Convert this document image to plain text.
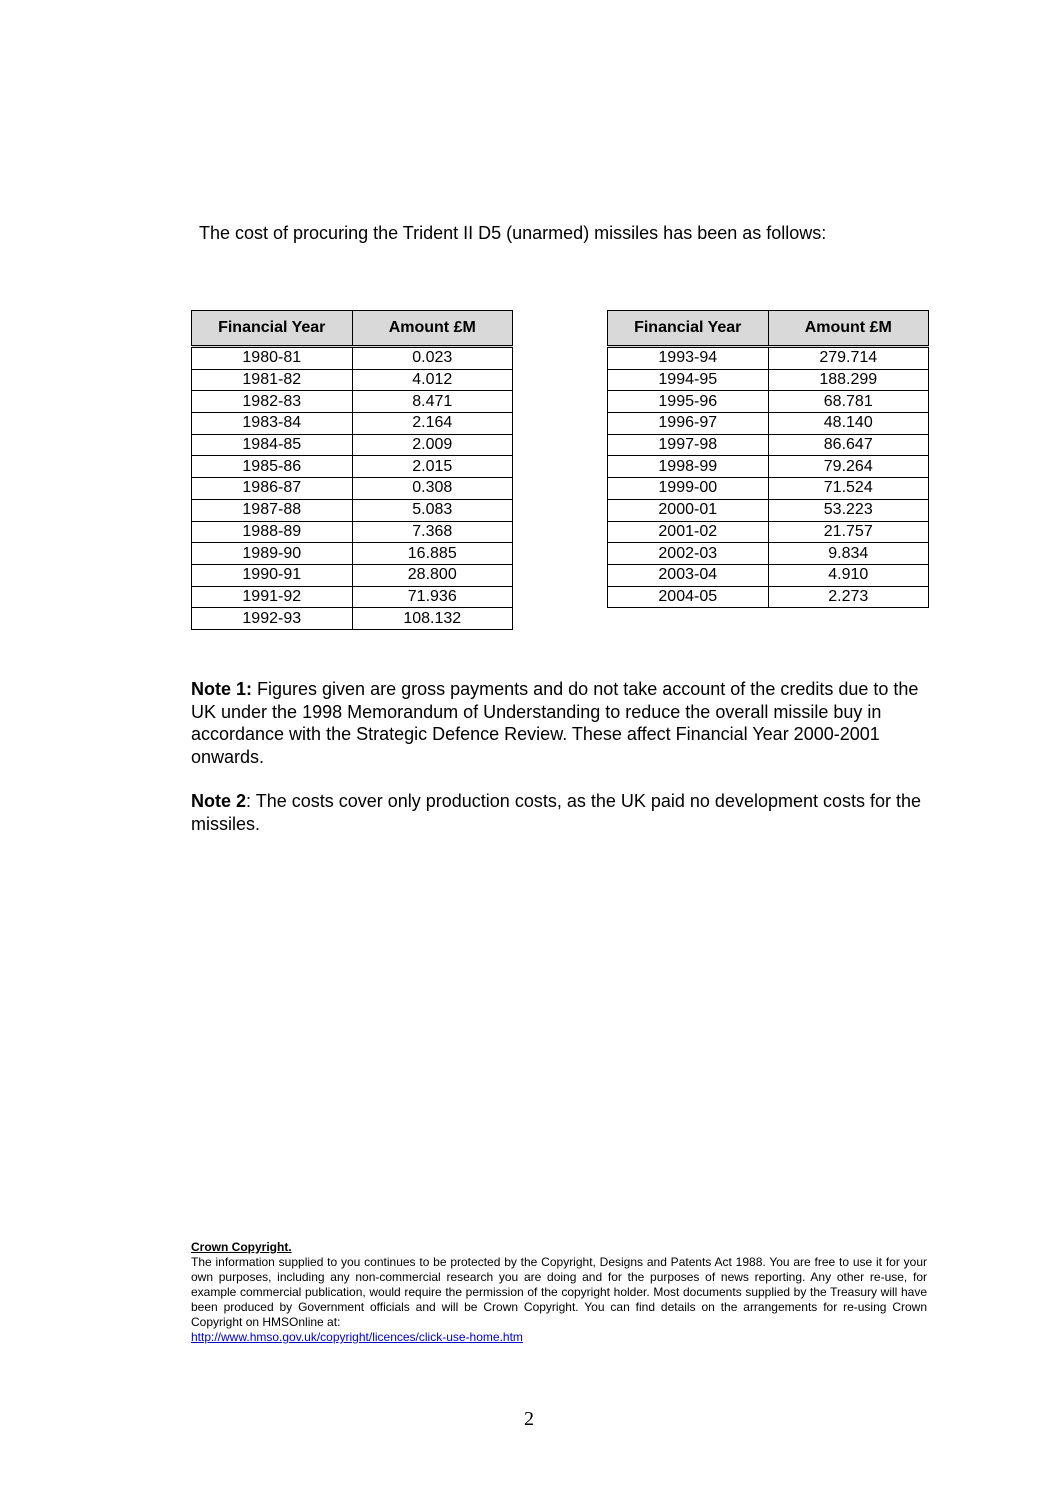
The cost of procuring the Trident II D5 (unarmed) missiles has been as follows:
Financial Year	Amount £M
1980-81	0.023
1981-82	4.012
1982-83	8.471
1983-84	2.164
1984-85	2.009
1985-86	2.015
1986-87	0.308
1987-88	5.083
1988-89	7.368
1989-90	16.885
1990-91	28.800
1991-92	71.936
1992-93	108.132
Financial Year	Amount £M
1993-94	279.714
1994-95	188.299
1995-96	68.781
1996-97	48.140
1997-98	86.647
1998-99	79.264
1999-00	71.524
2000-01	53.223
2001-02	21.757
2002-03	9.834
2003-04	4.910
2004-05	2.273

Note 1: Figures given are gross payments and do not take account of the credits due to the UK under the 1998 Memorandum of Understanding to reduce the overall missile buy in accordance with the Strategic Defence Review. These affect Financial Year 2000-2001 onwards.

Note 2: The costs cover only production costs, as the UK paid no development costs for the missiles.

Crown Copyright.
The information supplied to you continues to be protected by the Copyright, Designs and Patents Act 1988. You are free to use it for your own purposes, including any non-commercial research you are doing and for the purposes of news reporting. Any other re-use, for example commercial publication, would require the permission of the copyright holder. Most documents supplied by the Treasury will have been produced by Government officials and will be Crown Copyright. You can find details on the arrangements for re-using Crown Copyright on HMSOnline at:
http://www.hmso.gov.uk/copyright/licences/click-use-home.htm
2
